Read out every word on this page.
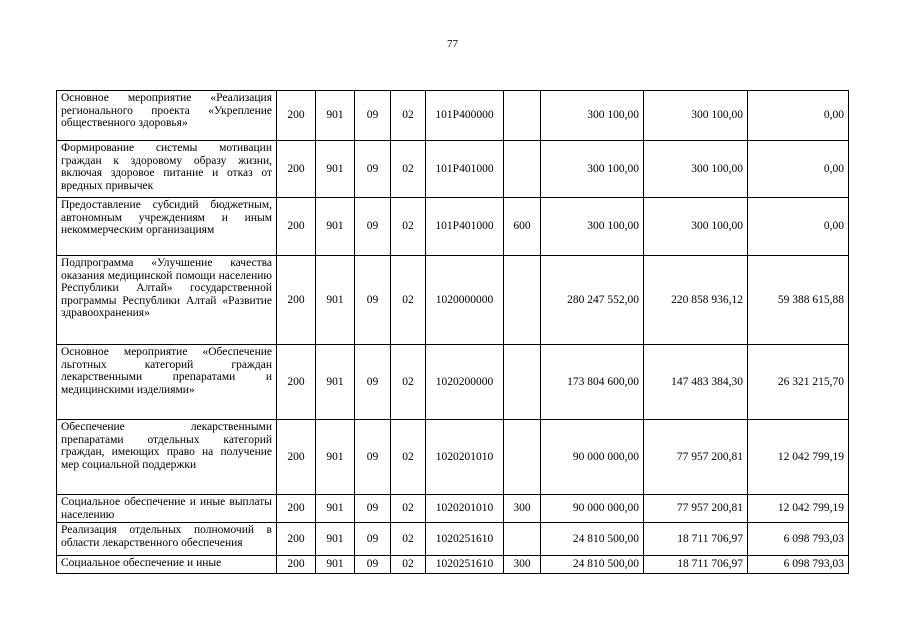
77
Основное мероприятие «Реализация регионального проекта «Укрепление общественного здоровья»	200	901	09	02	101P400000		300 100,00	300 100,00	0,00
Формирование системы мотивации граждан к здоровому образу жизни, включая здоровое питание и отказ от вредных привычек	200	901	09	02	101P401000		300 100,00	300 100,00	0,00
Предоставление субсидий бюджетным, автономным учреждениям и иным некоммерческим организациям	200	901	09	02	101P401000	600	300 100,00	300 100,00	0,00
Подпрограмма «Улучшение качества оказания медицинской помощи населению Республики Алтай» государственной программы Республики Алтай «Развитие здравоохранения»	200	901	09	02	1020000000		280 247 552,00	220 858 936,12	59 388 615,88
Основное мероприятие «Обеспечение льготных категорий граждан лекарственными препаратами и медицинскими изделиями»	200	901	09	02	1020200000		173 804 600,00	147 483 384,30	26 321 215,70
Обеспечение лекарственными препаратами отдельных категорий граждан, имеющих право на получение мер социальной поддержки	200	901	09	02	1020201010		90 000 000,00	77 957 200,81	12 042 799,19
Социальное обеспечение и иные выплаты населению	200	901	09	02	1020201010	300	90 000 000,00	77 957 200,81	12 042 799,19
Реализация отдельных полномочий в области лекарственного обеспечения	200	901	09	02	1020251610		24 810 500,00	18 711 706,97	6 098 793,03
Социальное обеспечение и иные	200	901	09	02	1020251610	300	24 810 500,00	18 711 706,97	6 098 793,03
